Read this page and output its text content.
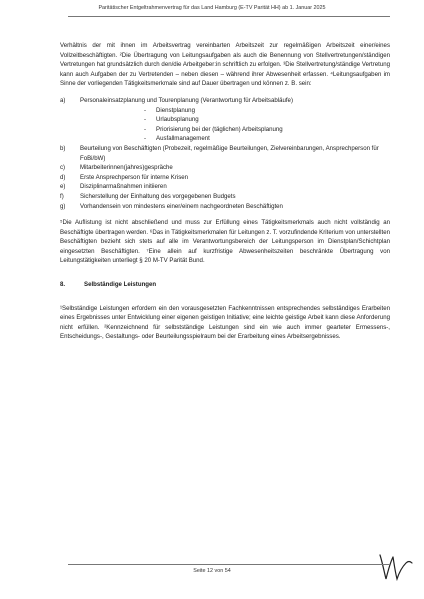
Paritätischer Entgeltrahmenvertrag für das Land Hamburg (E-TV Parität HH) ab 1. Januar 2025

Verhältnis der mit ihnen im Arbeitsvertrag vereinbarten Arbeitszeit zur regelmäßigen Arbeitszeit einer/eines Vollzeitbeschäftigten. ²Die Übertragung von Leitungsaufgaben als auch die Benennung von Stellvertretungen/ständigen Vertretungen hat grundsätzlich durch den/die Arbeitgeber:in schriftlich zu erfolgen. ³Die Stellvertretung/ständige Vertretung kann auch Aufgaben der zu Vertretenden – neben diesen – während ihrer Abwesenheit erfassen. ⁴Leitungsaufgaben im Sinne der vorliegenden Tätigkeitsmerkmale sind auf Dauer übertragen und können z. B. sein:

a) Personaleinsatzplanung und Tourenplanung (Verantwortung für Arbeitsabläufe)
- Dienstplanung
- Urlaubsplanung
- Priorisierung bei der (täglichen) Arbeitsplanung
- Ausfallmanagement
b) Beurteilung von Beschäftigten (Probezeit, regelmäßige Beurteilungen, Zielvereinbarungen, Ansprechperson für FoBi/bW)
c) Mitarbeiterinnen(jahres)gespräche
d) Erste Ansprechperson für interne Krisen
e) Disziplinarmaßnahmen initiieren
f)	Sicherstellung der Einhaltung des vorgegebenen Budgets
g) Vorhandensein von mindestens einer/einem nachgeordneten Beschäftigten

⁵Die Auflistung ist nicht abschließend und muss zur Erfüllung eines Tätigkeitsmerkmals auch nicht vollständig an Beschäftigte übertragen werden. ⁶Das in Tätigkeitsmerkmalen für Leitungen z. T. vorzufindende Kriterium von unterstellten Beschäftigten bezieht sich stets auf alle im Verantwortungsbereich der Leitungsperson im Dienstplan/Schichtplan eingesetzten Beschäftigten. ⁷Eine allein auf kurzfristige Abwesenheitszeiten beschränkte Übertragung von Leitungstätigkeiten unterliegt § 20 M-TV Parität Bund.

8.	Selbständige Leistungen

¹Selbständige Leistungen erfordern ein den vorausgesetzten Fachkenntnissen entsprechendes selbständiges Erarbeiten eines Ergebnisses unter Entwicklung einer eigenen geistigen Initiative; eine leichte geistige Arbeit kann diese Anforderung nicht erfüllen. ²Kennzeichnend für selbstständige Leistungen sind ein wie auch immer gearteter Ermessens-, Entscheidungs-, Gestaltungs- oder Beurteilungsspielraum bei der Erarbeitung eines Arbeitsergebnisses.

Seite 12 von 54
